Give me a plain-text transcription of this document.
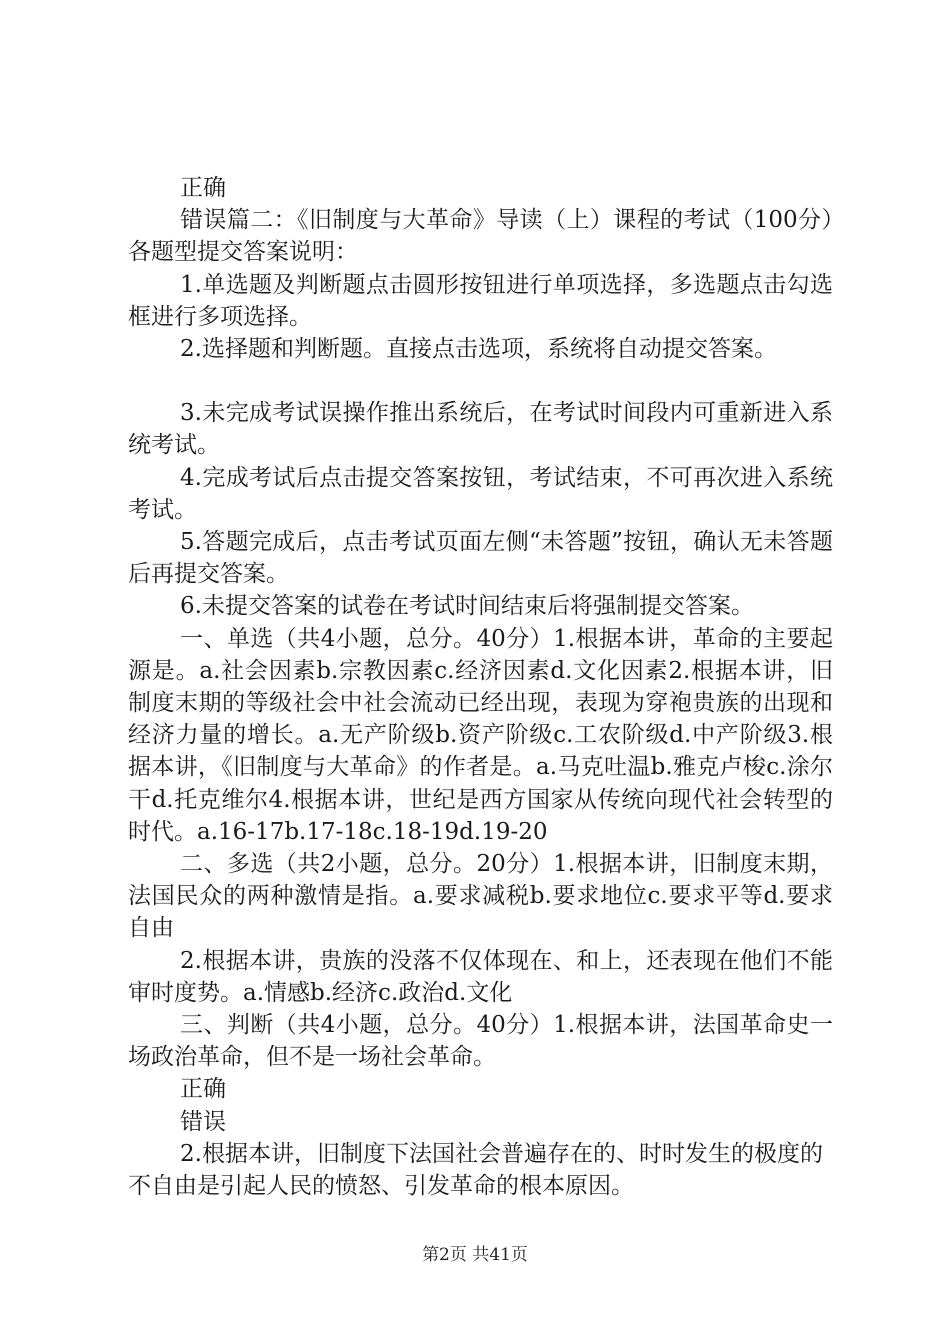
正确

错误篇二：《旧制度与大革命》导读（上）课程的考试（100分）各题型提交答案说明：

1.单选题及判断题点击圆形按钮进行单项选择，多选题点击勾选框进行多项选择。

2.选择题和判断题。直接点击选项，系统将自动提交答案。

3.未完成考试误操作推出系统后，在考试时间段内可重新进入系统考试。

4.完成考试后点击提交答案按钮，考试结束，不可再次进入系统考试。

5.答题完成后，点击考试页面左侧“未答题”按钮，确认无未答题后再提交答案。

6.未提交答案的试卷在考试时间结束后将强制提交答案。

一、单选（共4小题，总分。40分）1.根据本讲，革命的主要起源是。a.社会因素b.宗教因素c.经济因素d.文化因素2.根据本讲，旧制度末期的等级社会中社会流动已经出现，表现为穿袍贵族的出现和经济力量的增长。a.无产阶级b.资产阶级c.工农阶级d.中产阶级3.根据本讲，《旧制度与大革命》的作者是。a.马克吐温b.雅克卢梭c.涂尔干d.托克维尔4.根据本讲，世纪是西方国家从传统向现代社会转型的时代。a.16-17b.17-18c.18-19d.19-20

二、多选（共2小题，总分。20分）1.根据本讲，旧制度末期，法国民众的两种激情是指。a.要求减税b.要求地位c.要求平等d.要求自由

2.根据本讲，贵族的没落不仅体现在、和上，还表现在他们不能审时度势。a.情感b.经济c.政治d.文化

三、判断（共4小题，总分。40分）1.根据本讲，法国革命史一场政治革命，但不是一场社会革命。

正确

错误

2.根据本讲，旧制度下法国社会普遍存在的、时时发生的极度的不自由是引起人民的愤怒、引发革命的根本原因。

第2页 共41页
